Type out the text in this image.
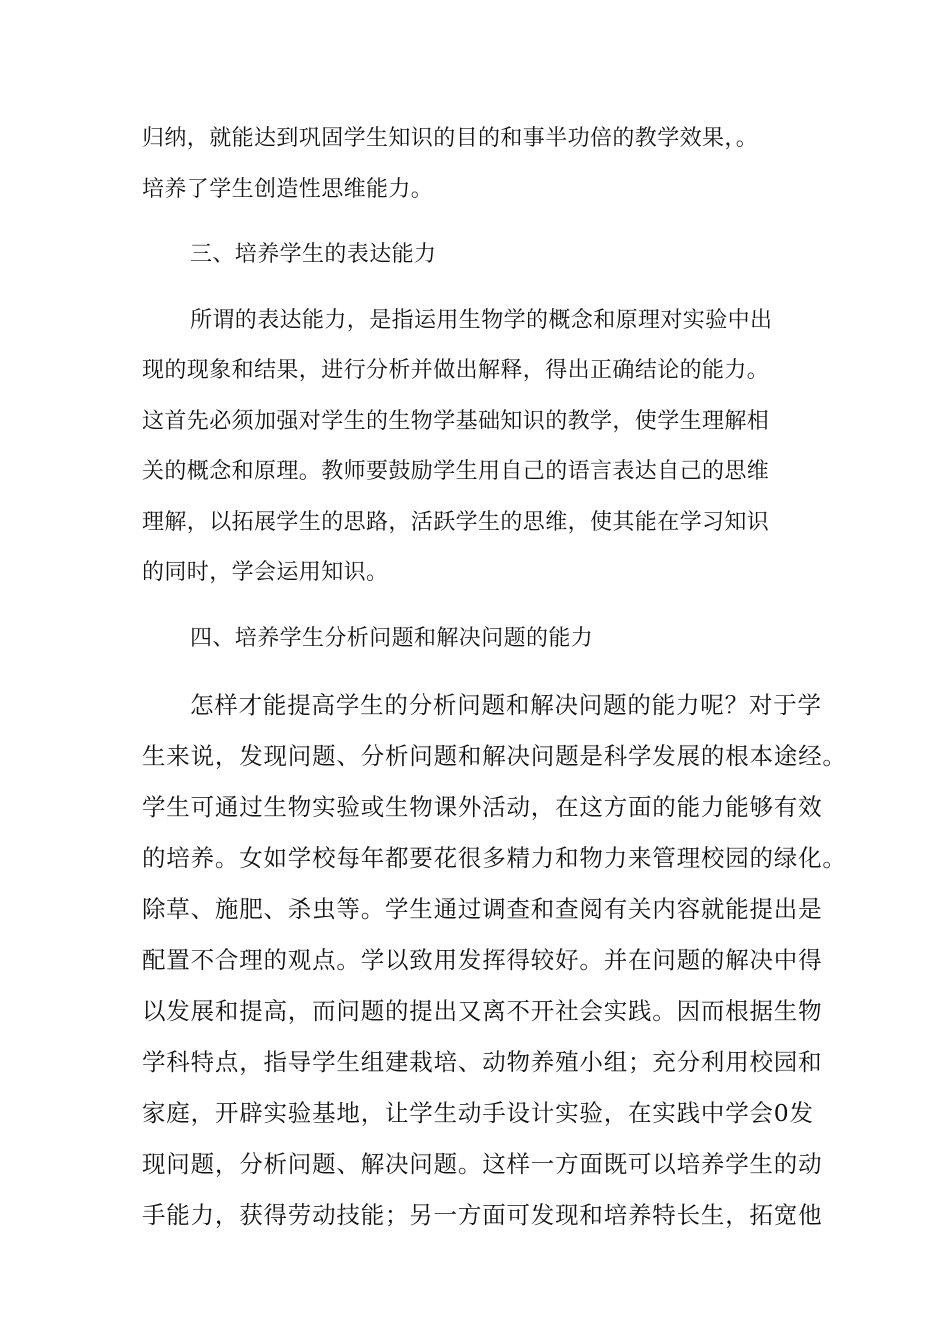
归纳，就能达到巩固学生知识的目的和事半功倍的教学效果，。
培养了学生创造性思维能力。
三、培养学生的表达能力
所谓的表达能力，是指运用生物学的概念和原理对实验中出
现的现象和结果，进行分析并做出解释，得出正确结论的能力。
这首先必须加强对学生的生物学基础知识的教学，使学生理解相
关的概念和原理。教师要鼓励学生用自己的语言表达自己的思维
理解，以拓展学生的思路，活跃学生的思维，使其能在学习知识
的同时，学会运用知识。
四、培养学生分析问题和解决问题的能力
怎样才能提高学生的分析问题和解决问题的能力呢？对于学
生来说，发现问题、分析问题和解决问题是科学发展的根本途经。
学生可通过生物实验或生物课外活动，在这方面的能力能够有效
的培养。女如学校每年都要花很多精力和物力来管理校园的绿化。
除草、施肥、杀虫等。学生通过调查和查阅有关内容就能提出是
配置不合理的观点。学以致用发挥得较好。并在问题的解决中得
以发展和提高，而问题的提出又离不开社会实践。因而根据生物
学科特点，指导学生组建栽培、动物养殖小组；充分利用校园和
家庭，开辟实验基地，让学生动手设计实验，在实践中学会0发
现问题，分析问题、解决问题。这样一方面既可以培养学生的动
手能力，获得劳动技能；另一方面可发现和培养特长生，拓宽他
